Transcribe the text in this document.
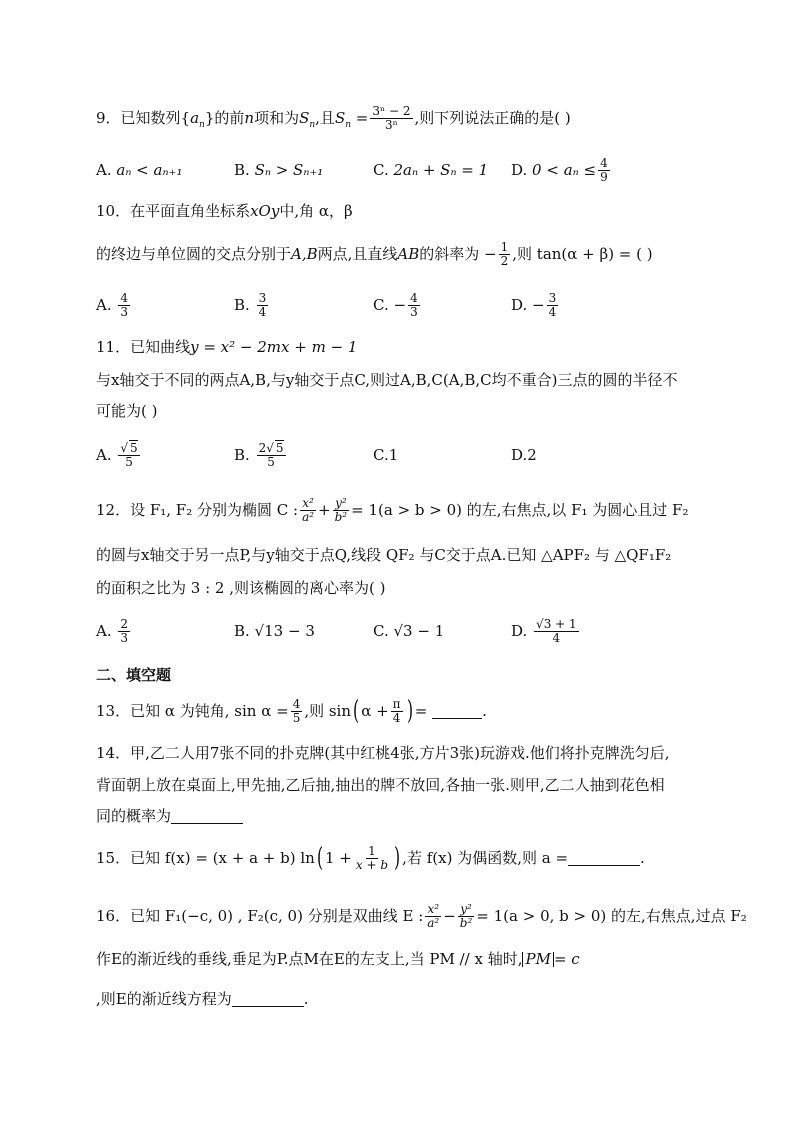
9．已知数列{ $a_n$ }的前 n 项和为 $S_n$ ,且 $S_n = \frac{\text{3ⁿ − 2}}{\text{3ⁿ}}$ ,则下列说法正确的是( )
A.
aₙ < aₙ₊₁	B.
Sₙ > Sₙ₊₁	C.
2aₙ + Sₙ = 1 D.
$0 < a_n \le \frac{4}{9}$
10．在平面直角坐标系 xOy 中,角 α，β
的终边与单位圆的交点分别于 A,B 两点,且直线 AB 的斜率为 − $\frac{1}{2}$ ,则 tan(α + β) = ( )
A.
$\frac{4}{3}$	B.
$\frac{3}{4}$	C.
− $\frac{4}{3}$	D.
− $\frac{3}{4}$
11．已知曲线 y = x² − 2mx + m − 1
与x轴交于不同的两点A,B,与y轴交于点C,则过A,B,C(A,B,C均不重合)三点的圆的半径不
可能为( )
A.
$\frac{√ 5}{5}$	B.
$\frac{2√ 5}{5}$	C. 1	D. 2
12．设 F₁, F₂ 分别为椭圆 C : $\frac{\text{x²}}{\text{a²}} + \frac{\text{y²}}{\text{b²}} = 1(a > b > 0)$ 的左,右焦点,以 F₁ 为圆心且过 F₂
的圆与x轴交于另一点P,与y轴交于点Q,线段 QF₂ 与C交于点A.已知 △APF₂ 与 △QF₁F₂
的面积之比为 3 : 2 ,则该椭圆的离心率为( )
A.
$\frac{2}{3}$	B.
√13 − 3	C.
√3 − 1	D.
$\frac{√3 + 1}{4}$
二、填空题
13．已知 α 为钝角, $\sin \alpha = \frac{4}{5}$ ,则 sin ( $\alpha + \frac{\pi}{4}$ ) =
	.
14．甲,乙二人用7张不同的扑克牌(其中红桃4张,方片3张)玩游戏.他们将扑克牌洗匀后,
背面朝上放在桌面上,甲先抽,乙后抽,抽出的牌不放回,各抽一张.则甲,乙二人抽到花色相
同的概率为
15．已知 f(x) = (x + a + b) ln ( $1 + \frac{1}{x + b}$ ) ,若 f(x) 为偶函数,则 a =	.
16．已知 F₁(−c, 0) , F₂(c, 0) 分别是双曲线 E : $\frac{\text{x²}}{\text{a²}} - \frac{\text{y²}}{\text{b²}} = 1(a > 0$, b > 0) 的左,右焦点,过点 F₂
作E的渐近线的垂线,垂足为P.点M在E的左支上,当 PM // x 轴时, PM = c
,则E的渐近线方程为	.
